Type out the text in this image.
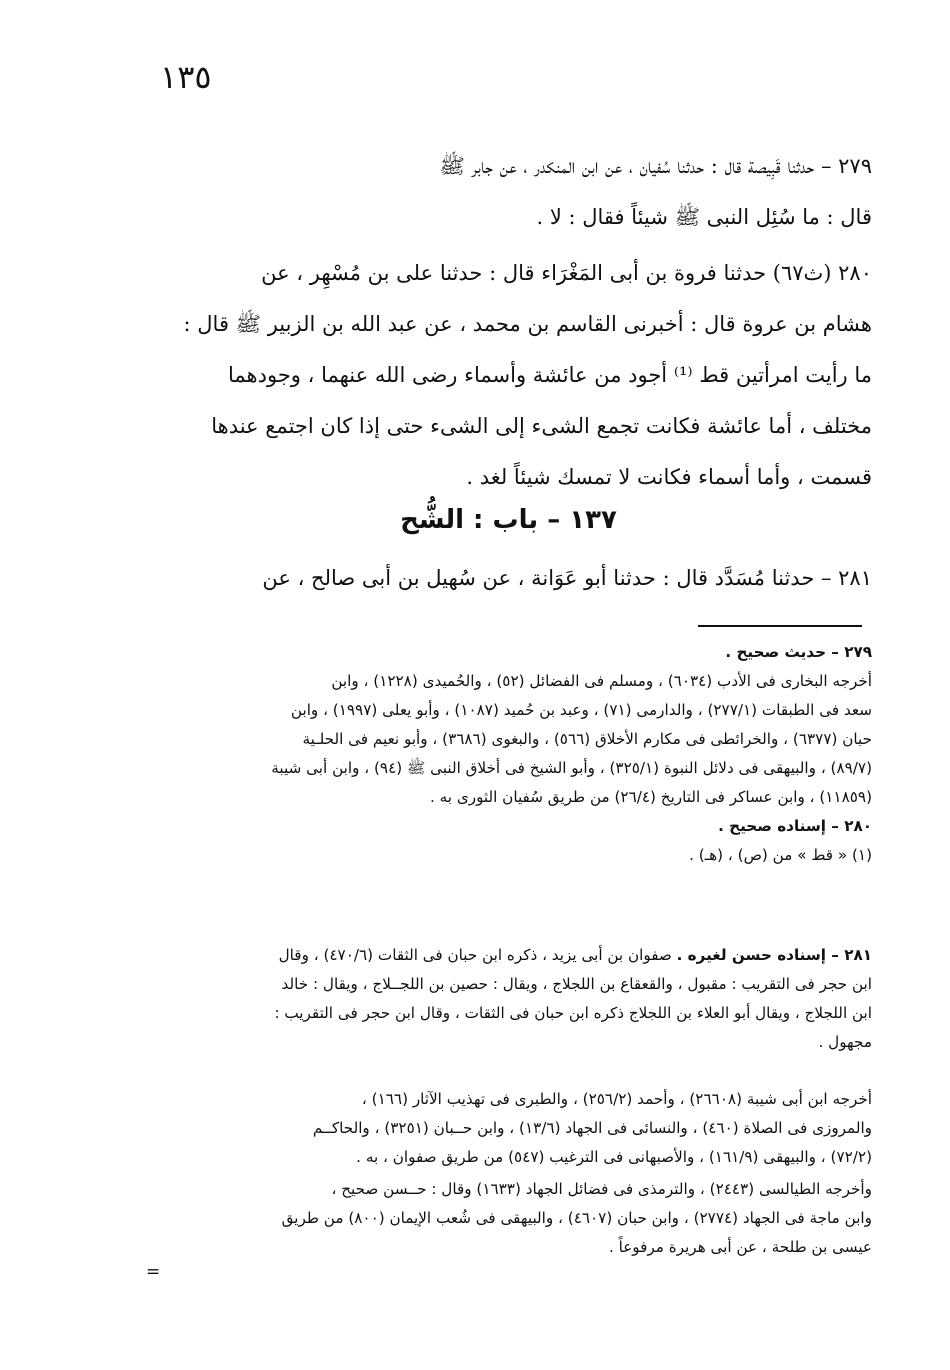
١٣٥

٢٧٩ – حدثنا قَبِيصة قال : حدثنا سُفيان ، عن ابن المنكدر ، عن جابر ﷺ

قال : ما سُئِل النبى ﷺ شيئاً فقال : لا .

٢٨٠ (ث٦٧) حدثنا فروة بن أبى المَغْرَاء قال : حدثنا على بن مُسْهِر ، عن

هشام بن عروة قال : أخبرنى القاسم بن محمد ، عن عبد الله بن الزبير ﷺ قال :

ما رأيت امرأتين قط ⁽¹⁾ أجود من عائشة وأسماء رضى الله عنهما ، وجودهما

مختلف ، أما عائشة فكانت تجمع الشىء إلى الشىء حتى إذا كان اجتمع عندها

قسمت ، وأما أسماء فكانت لا تمسك شيئاً لغد .

١٣٧ – باب : الشُّح

٢٨١ – حدثنا مُسَدَّد قال : حدثنا أبو عَوَانة ، عن سُهيل بن أبى صالح ، عن

٢٧٩ – حديث صحيح .

أخرجه البخارى فى الأدب (٦٠٣٤) ، ومسلم فى الفضائل (٥٢) ، والحُميدى (١٢٢٨) ، وابن

سعد فى الطبقات (٢٧٧/١) ، والدارمى (٧١) ، وعبد بن حُميد (١٠٨٧) ، وأبو يعلى (١٩٩٧) ، وابن

حبان (٦٣٧٧) ، والخرائطى فى مكارم الأخلاق (٥٦٦) ، والبغوى (٣٦٨٦) ، وأبو نعيم فى الحلـية

(٨٩/٧) ، والبيهقى فى دلائل النبوة (٣٢٥/١) ، وأبو الشيخ فى أخلاق النبى ﷺ (٩٤) ، وابن أبى شيبة

(١١٨٥٩) ، وابن عساكر فى التاريخ (٢٦/٤) من طريق سُفيان الثورى به .

٢٨٠ – إسناده صحيح .

(١) « قط » من (ص) ، (هـ) .

٢٨١ – إسناده حسن لغيره . صفوان بن أبى يزيد ، ذكره ابن حبان فى الثقات (٤٧٠/٦) ، وقال

ابن حجر فى التقريب : مقبول ، والقعقاع بن اللجلاج ، ويقال : حصين بن اللجــلاج ، ويقال : خالد

ابن اللجلاج ، ويقال أبو العلاء بن اللجلاج ذكره ابن حبان فى الثقات ، وقال ابن حجر فى التقريب :

مجهول .

أخرجه ابن أبى شيبة (٢٦٦٠٨) ، وأحمد (٢٥٦/٢) ، والطبرى فى تهذيب الآثار (١٦٦) ،

والمروزى فى الصلاة (٤٦٠) ، والنسائى فى الجهاد (١٣/٦) ، وابن حــبان (٣٢٥١) ، والحاكــم

(٧٢/٢) ، والبيهقى (١٦١/٩) ، والأصبهانى فى الترغيب (٥٤٧) من طريق صفوان ، به .

وأخرجه الطيالسى (٢٤٤٣) ، والترمذى فى فضائل الجهاد (١٦٣٣) وقال : حــسن صحيح ،

وابن ماجة فى الجهاد (٢٧٧٤) ، وابن حبان (٤٦٠٧) ، والبيهقى فى شُعب الإيمان (٨٠٠) من طريق

عيسى بن طلحة ، عن أبى هريرة مرفوعاً .

=
